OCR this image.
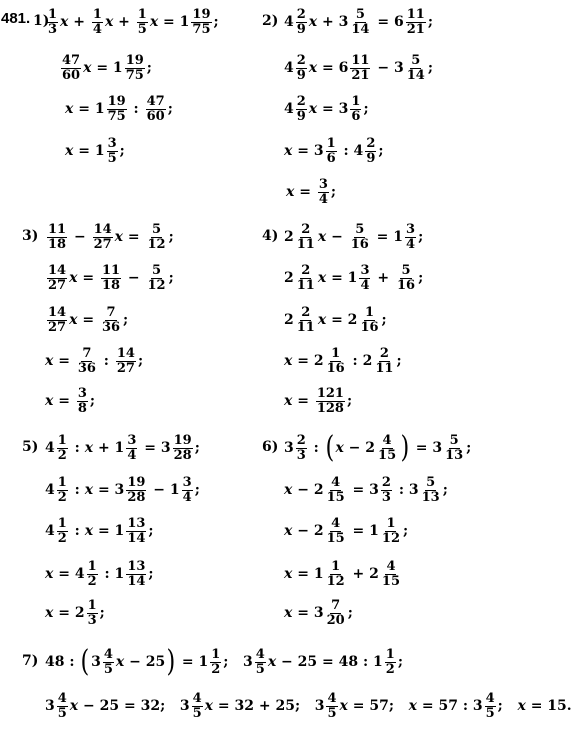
481. 1)
$\frac{1}{3}$ $x + \frac{1}{4}$ $x + \frac{1}{5}$ $x = 1 \frac{19}{75}$ ;
$\frac{47}{60}$ $x = 1 \frac{19}{75}$ ;
$x = 1 \frac{19}{75}$ : $\frac{47}{60}$ ;
$x = 1 \frac{3}{5}$ ;
2) $4 \frac{2}{9}$ $x + 3 \frac{5}{14} = 6 \frac{11}{21}$ ;
$4 \frac{2}{9}$ $x = 6 \frac{11}{21} - 3 \frac{5}{14}$ ;
$4 \frac{2}{9}$ $x = 3 \frac{1}{6}$ ;
$x = 3 \frac{1}{6}$ : $4 \frac{2}{9}$ ;
$x = \frac{3}{4}$ ;
$3) \frac{11}{18} - \frac{14}{27}$ $x = \frac{5}{12}$ ;
$\frac{14}{27}$ $x = \frac{11}{18} - \frac{5}{12}$ ;
$\frac{14}{27}$ $x = \frac{7}{36}$ ;
$x = \frac{7}{36}$ : $\frac{14}{27}$ ;
$x = \frac{3}{8}$ ;
4) $2 \frac{2}{11}$ $x - \frac{5}{16} = 1 \frac{3}{4}$ ;
$2 \frac{2}{11}$ $x = 1 \frac{3}{4} + \frac{5}{16}$ ;
$2 \frac{2}{11}$ $x = 2 \frac{1}{16}$ ;
$x = 2 \frac{1}{16}$ : $2 \frac{2}{11}$ ;
$x = \frac{121}{128}$ ;
5) $4 \frac{1}{2}$ : $x + 1 \frac{3}{4} = 3 \frac{19}{28}$ ;
$4 \frac{1}{2}$ : $x = 3 \frac{19}{28} - 1 \frac{3}{4}$ ;
$4 \frac{1}{2}$ : $x = 1 \frac{13}{14}$ ;
$x = 4 \frac{1}{2}$ : $1 \frac{13}{14}$ ;
$x = 2 \frac{1}{3}$ ;
6) $3 \frac{2}{3}$ : ( $x - 2 \frac{4}{15}$ ) = $3 \frac{5}{13}$ ;
$x - 2 \frac{4}{15} = 3 \frac{2}{3}$ : $3 \frac{5}{13}$ ;
$x - 2 \frac{4}{15} = 1 \frac{1}{12}$ ;
$x = 1 \frac{1}{12} + 2 \frac{4}{15}$
$x = 3 \frac{7}{20}$ ;
7) 48 : ( $3 \frac{4}{5}$ x − 25 ) = $1 \frac{1}{2}$ ;   $3 \frac{4}{5}$ x − 25 = 48 : $1 \frac{1}{2}$ ;
$3 \frac{4}{5}$ x − 25 = 32;   $3 \frac{4}{5}$ x = 32 + 25;   $3 \frac{4}{5}$ x = 57; x = 57 : $3 \frac{4}{5}$ ; x = 15.
